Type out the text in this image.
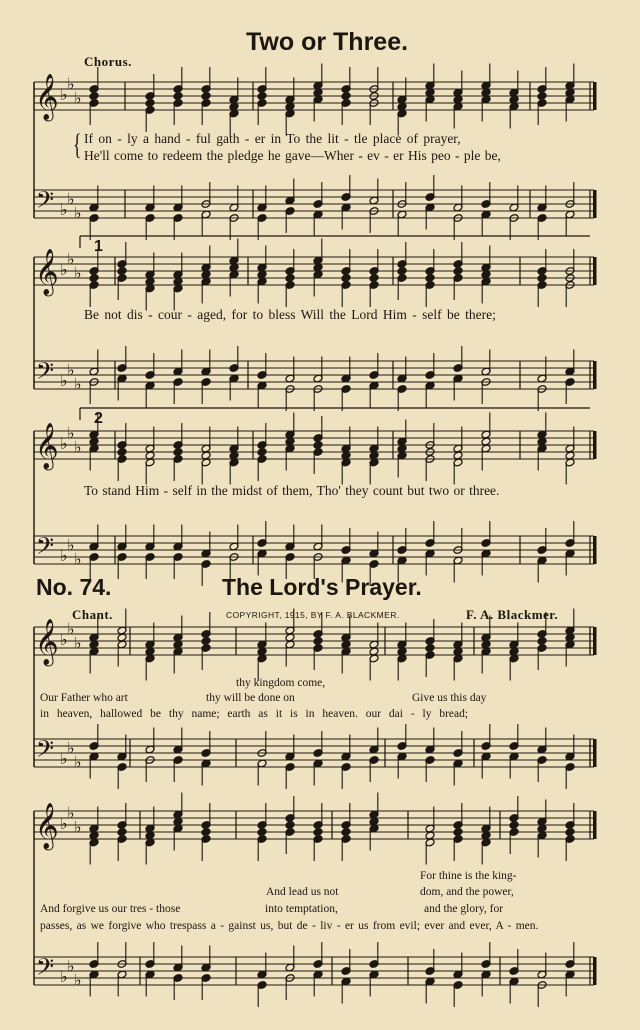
Two or Three.
Chorus.
𝄞
𝄢
♭
♭
♭
♭
♭
♭
𝄞
𝄢
♭
♭
♭
♭
♭
♭
𝄞
𝄢
♭
♭
♭
♭
♭
♭
𝄞
𝄢
♭
♭
♭
♭
♭
♭
𝄞
𝄢
♭
♭
♭
♭
♭
♭
If on - ly a hand - ful gath - er in To the lit - tle place of prayer,
He'll come to redeem the pledge he gave—Wher - ev - er His peo - ple be,
{
1
Be not dis - cour - aged, for to bless Will the Lord Him - self be there;
2
To stand Him - self in the midst of them, Tho' they count but two or three.
No. 74.	The Lord's Prayer.
Chant.	COPYRIGHT, 1915, BY F. A. BLACKMER.	F. A. Blackmer.
Our Father who art
thy kingdom come,
thy will be done on	Give us this day
in heaven, hallowed be thy name; earth as it is in heaven. our dai - ly bread;
For thine is the king-
dom, and the power,
And lead us not
And forgive us our tres - those	into temptation,	and the glory, for
passes, as we forgive who trespass a - gainst us, but de - liv - er us from evil; ever and ever, A - men.
